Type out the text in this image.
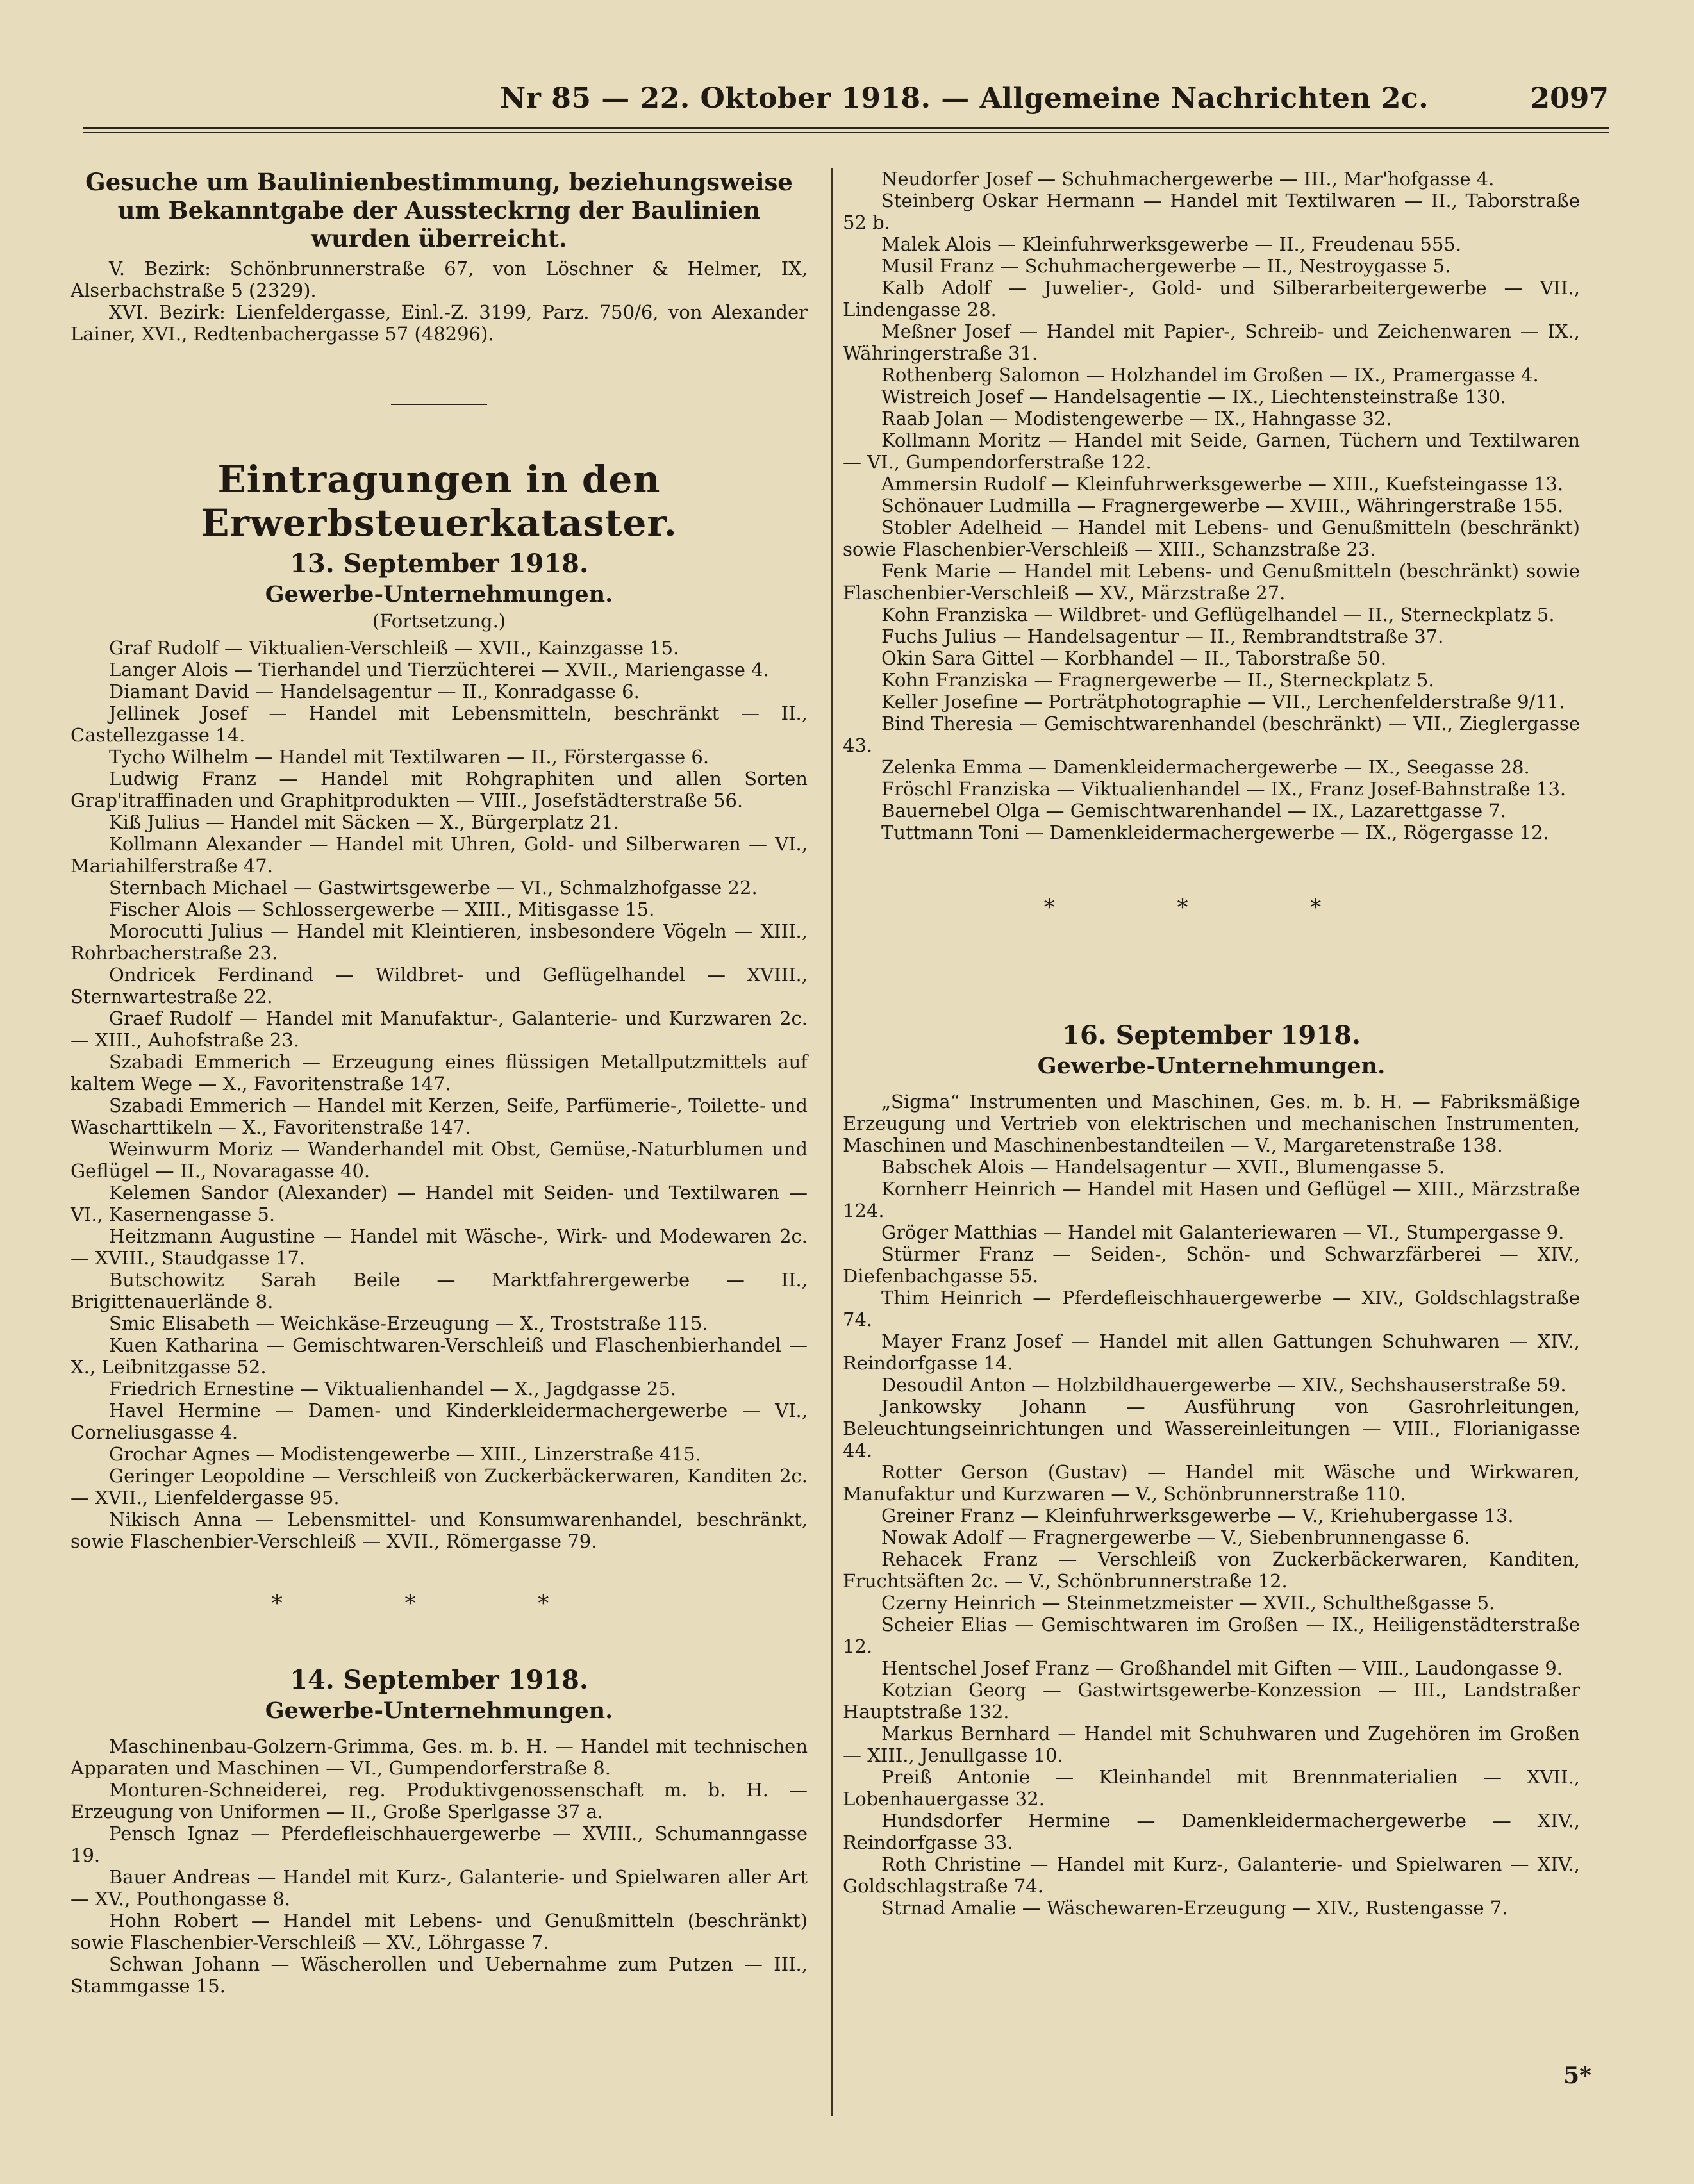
Nr 85 — 22. Oktober 1918. — Allgemeine Nachrichten 2c.	2097

Gesuche um Baulinienbestimmung, beziehungsweise um Bekanntgabe der Aussteckrng der Baulinien wurden überreicht.

V. Bezirk: Schönbrunnerstraße 67, von Löschner & Helmer, IX, Alserbachstraße 5 (2329).

XVI. Bezirk: Lienfeldergasse, Einl.-Z. 3199, Parz. 750/6, von Alexander Lainer, XVI., Redtenbachergasse 57 (48296).

Eintragungen in den Erwerbsteuerkataster.

13. September 1918.

Gewerbe-Unternehmungen.

(Fortsetzung.)

Graf Rudolf — Viktualien-Verschleiß — XVII., Kainzgasse 15.

Langer Alois — Tierhandel und Tierzüchterei — XVII., Mariengasse 4.

Diamant David — Handelsagentur — II., Konradgasse 6.

Jellinek Josef — Handel mit Lebensmitteln, beschränkt — II., Castellezgasse 14.

Tycho Wilhelm — Handel mit Textilwaren — II., Förstergasse 6.

Ludwig Franz — Handel mit Rohgraphiten und allen Sorten Grap'itraffinaden und Graphitprodukten — VIII., Josefstädterstraße 56.

Kiß Julius — Handel mit Säcken — X., Bürgerplatz 21.

Kollmann Alexander — Handel mit Uhren, Gold- und Silberwaren — VI., Mariahilferstraße 47.

Sternbach Michael — Gastwirtsgewerbe — VI., Schmalzhofgasse 22.

Fischer Alois — Schlossergewerbe — XIII., Mitisgasse 15.

Morocutti Julius — Handel mit Kleintieren, insbesondere Vögeln — XIII., Rohrbacherstraße 23.

Ondricek Ferdinand — Wildbret- und Geflügelhandel — XVIII., Sternwartestraße 22.

Graef Rudolf — Handel mit Manufaktur-, Galanterie- und Kurzwaren 2c. — XIII., Auhofstraße 23.

Szabadi Emmerich — Erzeugung eines flüssigen Metallputzmittels auf kaltem Wege — X., Favoritenstraße 147.

Szabadi Emmerich — Handel mit Kerzen, Seife, Parfümerie-, Toilette- und Wascharttikeln — X., Favoritenstraße 147.

Weinwurm Moriz — Wanderhandel mit Obst, Gemüse,-Naturblumen und Geflügel — II., Novaragasse 40.

Kelemen Sandor (Alexander) — Handel mit Seiden- und Textilwaren — VI., Kasernengasse 5.

Heitzmann Augustine — Handel mit Wäsche-, Wirk- und Modewaren 2c. — XVIII., Staudgasse 17.

Butschowitz Sarah Beile — Marktfahrergewerbe — II., Brigittenauerlände 8.

Smic Elisabeth — Weichkäse-Erzeugung — X., Troststraße 115.

Kuen Katharina — Gemischtwaren-Verschleiß und Flaschenbierhandel — X., Leibnitzgasse 52.

Friedrich Ernestine — Viktualienhandel — X., Jagdgasse 25.

Havel Hermine — Damen- und Kinderkleidermachergewerbe — VI., Corneliusgasse 4.

Grochar Agnes — Modistengewerbe — XIII., Linzerstraße 415.

Geringer Leopoldine — Verschleiß von Zuckerbäckerwaren, Kanditen 2c. — XVII., Lienfeldergasse 95.

Nikisch Anna — Lebensmittel- und Konsumwarenhandel, beschränkt, sowie Flaschenbier-Verschleiß — XVII., Römergasse 79.

* * *

14. September 1918.

Gewerbe-Unternehmungen.

Maschinenbau-Golzern-Grimma, Ges. m. b. H. — Handel mit technischen Apparaten und Maschinen — VI., Gumpendorferstraße 8.

Monturen-Schneiderei, reg. Produktivgenossenschaft m. b. H. — Erzeugung von Uniformen — II., Große Sperlgasse 37 a.

Pensch Ignaz — Pferdefleischhauergewerbe — XVIII., Schumanngasse 19.

Bauer Andreas — Handel mit Kurz-, Galanterie- und Spielwaren aller Art — XV., Pouthongasse 8.

Hohn Robert — Handel mit Lebens- und Genußmitteln (beschränkt) sowie Flaschenbier-Verschleiß — XV., Löhrgasse 7.

Schwan Johann — Wäscherollen und Uebernahme zum Putzen — III., Stammgasse 15.

Neudorfer Josef — Schuhmachergewerbe — III., Mar'hofgasse 4.

Steinberg Oskar Hermann — Handel mit Textilwaren — II., Taborstraße 52 b.

Malek Alois — Kleinfuhrwerksgewerbe — II., Freudenau 555.

Musil Franz — Schuhmachergewerbe — II., Nestroygasse 5.

Kalb Adolf — Juwelier-, Gold- und Silberarbeitergewerbe — VII., Lindengasse 28.

Meßner Josef — Handel mit Papier-, Schreib- und Zeichenwaren — IX., Währingerstraße 31.

Rothenberg Salomon — Holzhandel im Großen — IX., Pramergasse 4.

Wistreich Josef — Handelsagentie — IX., Liechtensteinstraße 130.

Raab Jolan — Modistengewerbe — IX., Hahngasse 32.

Kollmann Moritz — Handel mit Seide, Garnen, Tüchern und Textilwaren — VI., Gumpendorferstraße 122.

Ammersin Rudolf — Kleinfuhrwerksgewerbe — XIII., Kuefsteingasse 13.

Schönauer Ludmilla — Fragnergewerbe — XVIII., Währingerstraße 155.

Stobler Adelheid — Handel mit Lebens- und Genußmitteln (beschränkt) sowie Flaschenbier-Verschleiß — XIII., Schanzstraße 23.

Fenk Marie — Handel mit Lebens- und Genußmitteln (beschränkt) sowie Flaschenbier-Verschleiß — XV., Märzstraße 27.

Kohn Franziska — Wildbret- und Geflügelhandel — II., Sterneckplatz 5.

Fuchs Julius — Handelsagentur — II., Rembrandtstraße 37.

Okin Sara Gittel — Korbhandel — II., Taborstraße 50.

Kohn Franziska — Fragnergewerbe — II., Sterneckplatz 5.

Keller Josefine — Porträtphotographie — VII., Lerchenfelderstraße 9/11.

Bind Theresia — Gemischtwarenhandel (beschränkt) — VII., Zieglergasse 43.

Zelenka Emma — Damenkleidermachergewerbe — IX., Seegasse 28.

Fröschl Franziska — Viktualienhandel — IX., Franz Josef-Bahnstraße 13.

Bauernebel Olga — Gemischtwarenhandel — IX., Lazarettgasse 7.

Tuttmann Toni — Damenkleidermachergewerbe — IX., Rögergasse 12.

* * *

16. September 1918.

Gewerbe-Unternehmungen.

„Sigma“ Instrumenten und Maschinen, Ges. m. b. H. — Fabriksmäßige Erzeugung und Vertrieb von elektrischen und mechanischen Instrumenten, Maschinen und Maschinenbestandteilen — V., Margaretenstraße 138.

Babschek Alois — Handelsagentur — XVII., Blumengasse 5.

Kornherr Heinrich — Handel mit Hasen und Geflügel — XIII., Märzstraße 124.

Gröger Matthias — Handel mit Galanteriewaren — VI., Stumpergasse 9.

Stürmer Franz — Seiden-, Schön- und Schwarzfärberei — XIV., Diefenbachgasse 55.

Thim Heinrich — Pferdefleischhauergewerbe — XIV., Goldschlagstraße 74.

Mayer Franz Josef — Handel mit allen Gattungen Schuhwaren — XIV., Reindorfgasse 14.

Desoudil Anton — Holzbildhauergewerbe — XIV., Sechshauserstraße 59.

Jankowsky Johann — Ausführung von Gasrohrleitungen, Beleuchtungseinrichtungen und Wassereinleitungen — VIII., Florianigasse 44.

Rotter Gerson (Gustav) — Handel mit Wäsche und Wirkwaren, Manufaktur und Kurzwaren — V., Schönbrunnerstraße 110.

Greiner Franz — Kleinfuhrwerksgewerbe — V., Kriehubergasse 13.

Nowak Adolf — Fragnergewerbe — V., Siebenbrunnengasse 6.

Rehacek Franz — Verschleiß von Zuckerbäckerwaren, Kanditen, Fruchtsäften 2c. — V., Schönbrunnerstraße 12.

Czerny Heinrich — Steinmetzmeister — XVII., Schultheßgasse 5.

Scheier Elias — Gemischtwaren im Großen — IX., Heiligenstädterstraße 12.

Hentschel Josef Franz — Großhandel mit Giften — VIII., Laudongasse 9.

Kotzian Georg — Gastwirtsgewerbe-Konzession — III., Landstraßer Hauptstraße 132.

Markus Bernhard — Handel mit Schuhwaren und Zugehören im Großen — XIII., Jenullgasse 10.

Preiß Antonie — Kleinhandel mit Brennmaterialien — XVII., Lobenhauergasse 32.

Hundsdorfer Hermine — Damenkleidermachergewerbe — XIV., Reindorfgasse 33.

Roth Christine — Handel mit Kurz-, Galanterie- und Spielwaren — XIV., Goldschlagstraße 74.

Strnad Amalie — Wäschewaren-Erzeugung — XIV., Rustengasse 7.

5*
